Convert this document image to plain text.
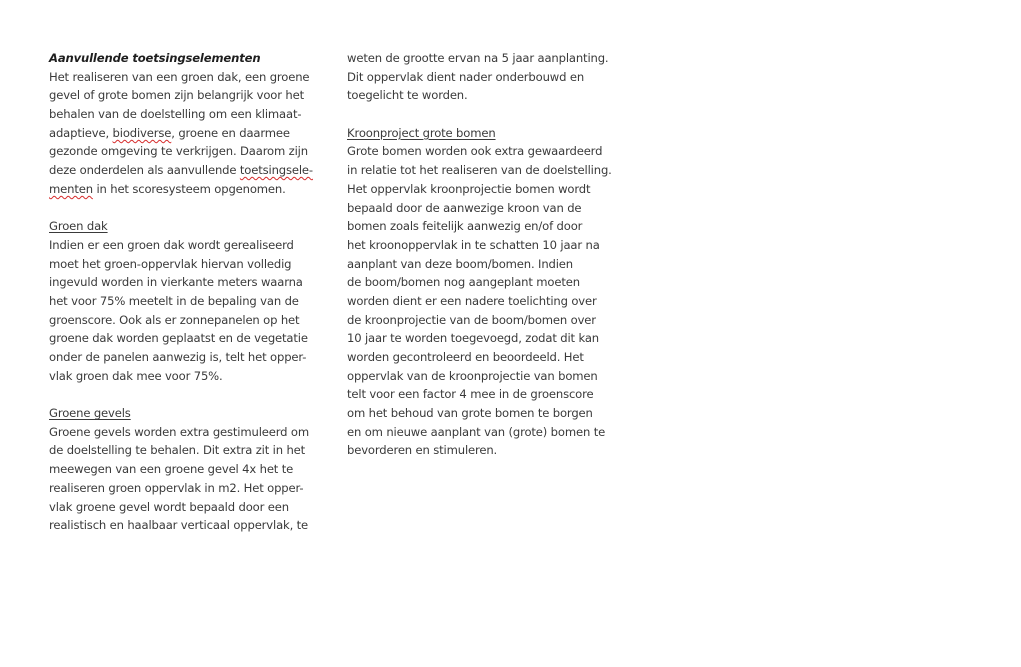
Aanvullende toetsingselementen
Het realiseren van een groen dak, een groene
gevel of grote bomen zijn belangrijk voor het
behalen van de doelstelling om een klimaat-
adaptieve, biodiverse, groene en daarmee
gezonde omgeving te verkrijgen. Daarom zijn
deze onderdelen als aanvullende toetsingsele-
menten in het scoresysteem opgenomen.
Groen dak
Indien er een groen dak wordt gerealiseerd
moet het groen-oppervlak hiervan volledig
ingevuld worden in vierkante meters waarna
het voor 75% meetelt in de bepaling van de
groenscore. Ook als er zonnepanelen op het
groene dak worden geplaatst en de vegetatie
onder de panelen aanwezig is, telt het opper-
vlak groen dak mee voor 75%.
Groene gevels
Groene gevels worden extra gestimuleerd om
de doelstelling te behalen. Dit extra zit in het
meewegen van een groene gevel 4x het te
realiseren groen oppervlak in m2. Het opper-
vlak groene gevel wordt bepaald door een
realistisch en haalbaar verticaal oppervlak, te
weten de grootte ervan na 5 jaar aanplanting.
Dit oppervlak dient nader onderbouwd en
toegelicht te worden.
Kroonproject grote bomen
Grote bomen worden ook extra gewaardeerd
in relatie tot het realiseren van de doelstelling.
Het oppervlak kroonprojectie bomen wordt
bepaald door de aanwezige kroon van de
bomen zoals feitelijk aanwezig en/of door
het kroonoppervlak in te schatten 10 jaar na
aanplant van deze boom/bomen. Indien
de boom/bomen nog aangeplant moeten
worden dient er een nadere toelichting over
de kroonprojectie van de boom/bomen over
10 jaar te worden toegevoegd, zodat dit kan
worden gecontroleerd en beoordeeld. Het
oppervlak van de kroonprojectie van bomen
telt voor een factor 4 mee in de groenscore
om het behoud van grote bomen te borgen
en om nieuwe aanplant van (grote) bomen te
bevorderen en stimuleren.
